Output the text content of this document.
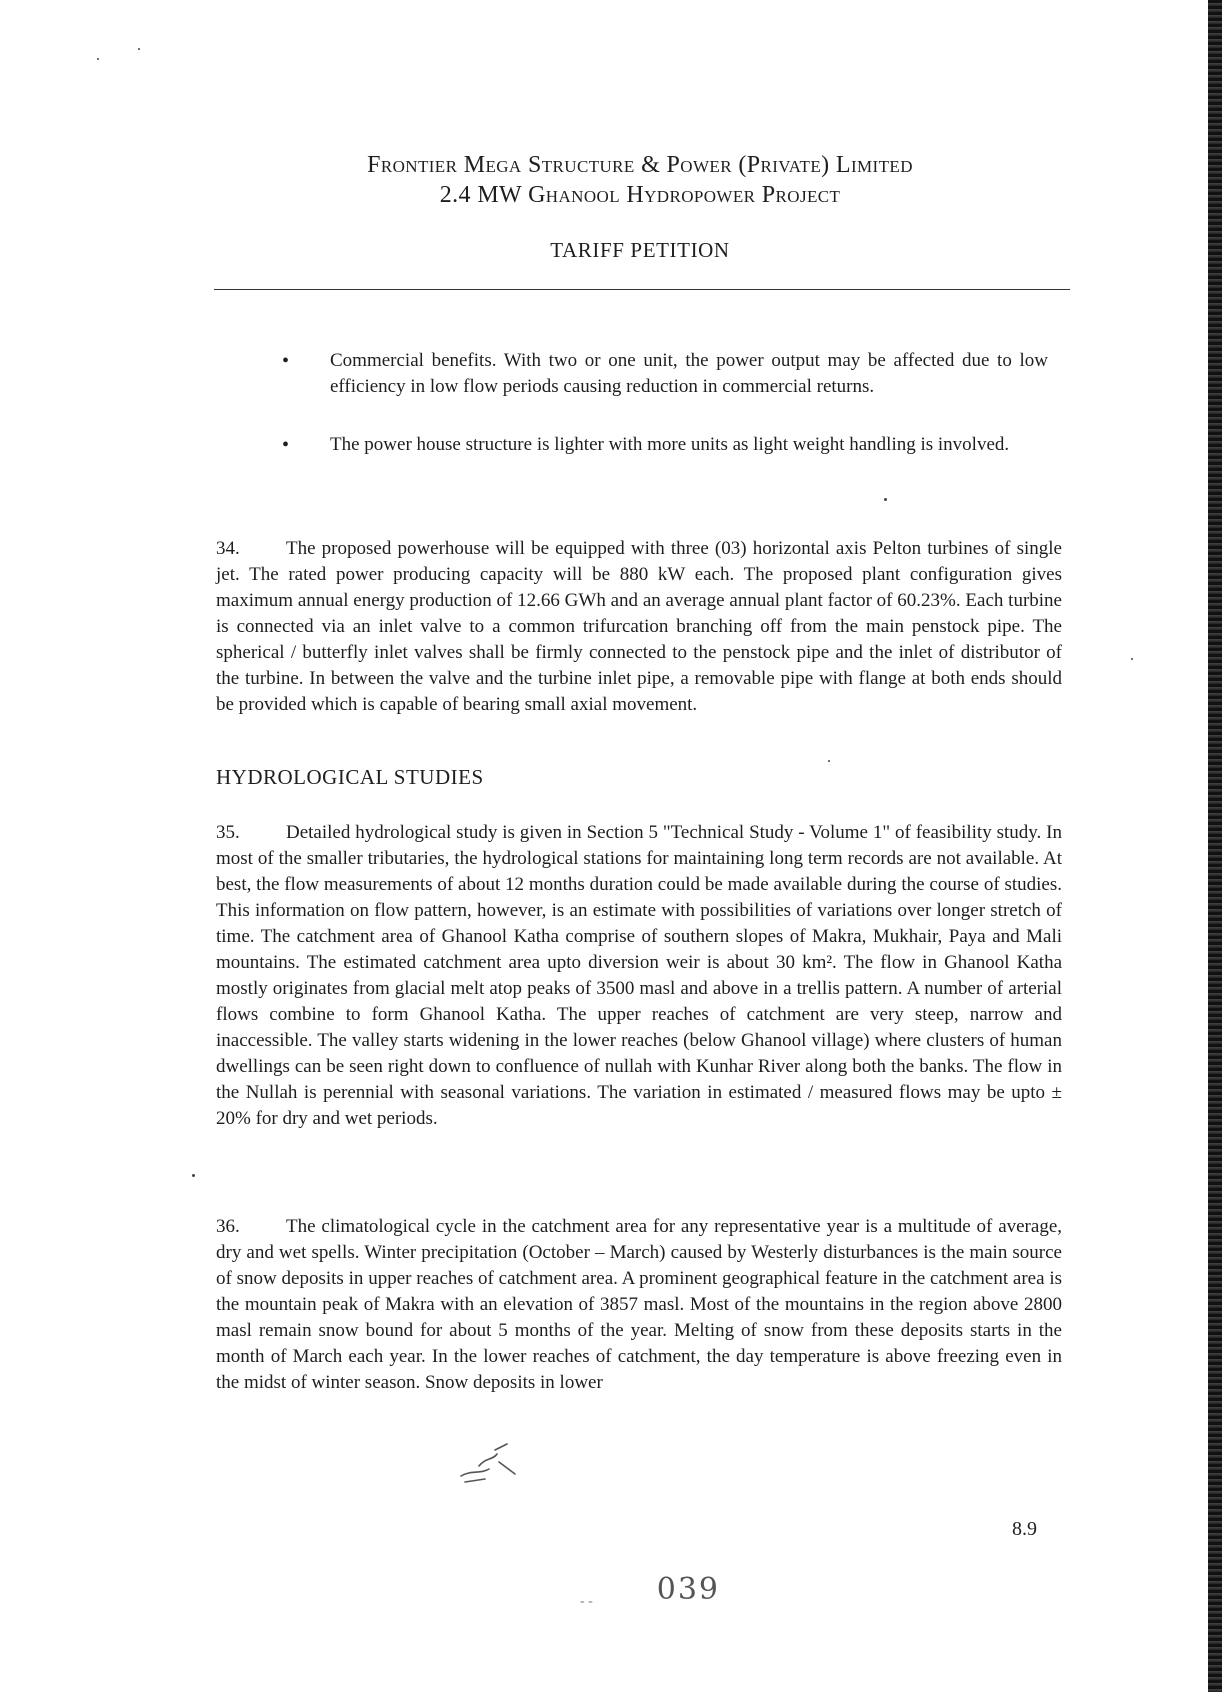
Frontier Mega Structure & Power (Private) Limited
2.4 MW Ghanool Hydropower Project
TARIFF PETITION
•	Commercial benefits. With two or one unit, the power output may be affected due to low efficiency in low flow periods causing reduction in commercial returns.
•	The power house structure is lighter with more units as light weight handling is involved.
34. The proposed powerhouse will be equipped with three (03) horizontal axis Pelton turbines of single jet. The rated power producing capacity will be 880 kW each. The proposed plant configuration gives maximum annual energy production of 12.66 GWh and an average annual plant factor of 60.23%. Each turbine is connected via an inlet valve to a common trifurcation branching off from the main penstock pipe. The spherical / butterfly inlet valves shall be firmly connected to the penstock pipe and the inlet of distributor of the turbine. In between the valve and the turbine inlet pipe, a removable pipe with flange at both ends should be provided which is capable of bearing small axial movement.
HYDROLOGICAL STUDIES
35. Detailed hydrological study is given in Section 5 "Technical Study - Volume 1" of feasibility study. In most of the smaller tributaries, the hydrological stations for maintaining long term records are not available. At best, the flow measurements of about 12 months duration could be made available during the course of studies. This information on flow pattern, however, is an estimate with possibilities of variations over longer stretch of time. The catchment area of Ghanool Katha comprise of southern slopes of Makra, Mukhair, Paya and Mali mountains. The estimated catchment area upto diversion weir is about 30 km². The flow in Ghanool Katha mostly originates from glacial melt atop peaks of 3500 masl and above in a trellis pattern. A number of arterial flows combine to form Ghanool Katha. The upper reaches of catchment are very steep, narrow and inaccessible. The valley starts widening in the lower reaches (below Ghanool village) where clusters of human dwellings can be seen right down to confluence of nullah with Kunhar River along both the banks. The flow in the Nullah is perennial with seasonal variations. The variation in estimated / measured flows may be upto ± 20% for dry and wet periods.
36. The climatological cycle in the catchment area for any representative year is a multitude of average, dry and wet spells. Winter precipitation (October – March) caused by Westerly disturbances is the main source of snow deposits in upper reaches of catchment area. A prominent geographical feature in the catchment area is the mountain peak of Makra with an elevation of 3857 masl. Most of the mountains in the region above 2800 masl remain snow bound for about 5 months of the year. Melting of snow from these deposits starts in the month of March each year. In the lower reaches of catchment, the day temperature is above freezing even in the midst of winter season. Snow deposits in lower
8.9
- - 039
